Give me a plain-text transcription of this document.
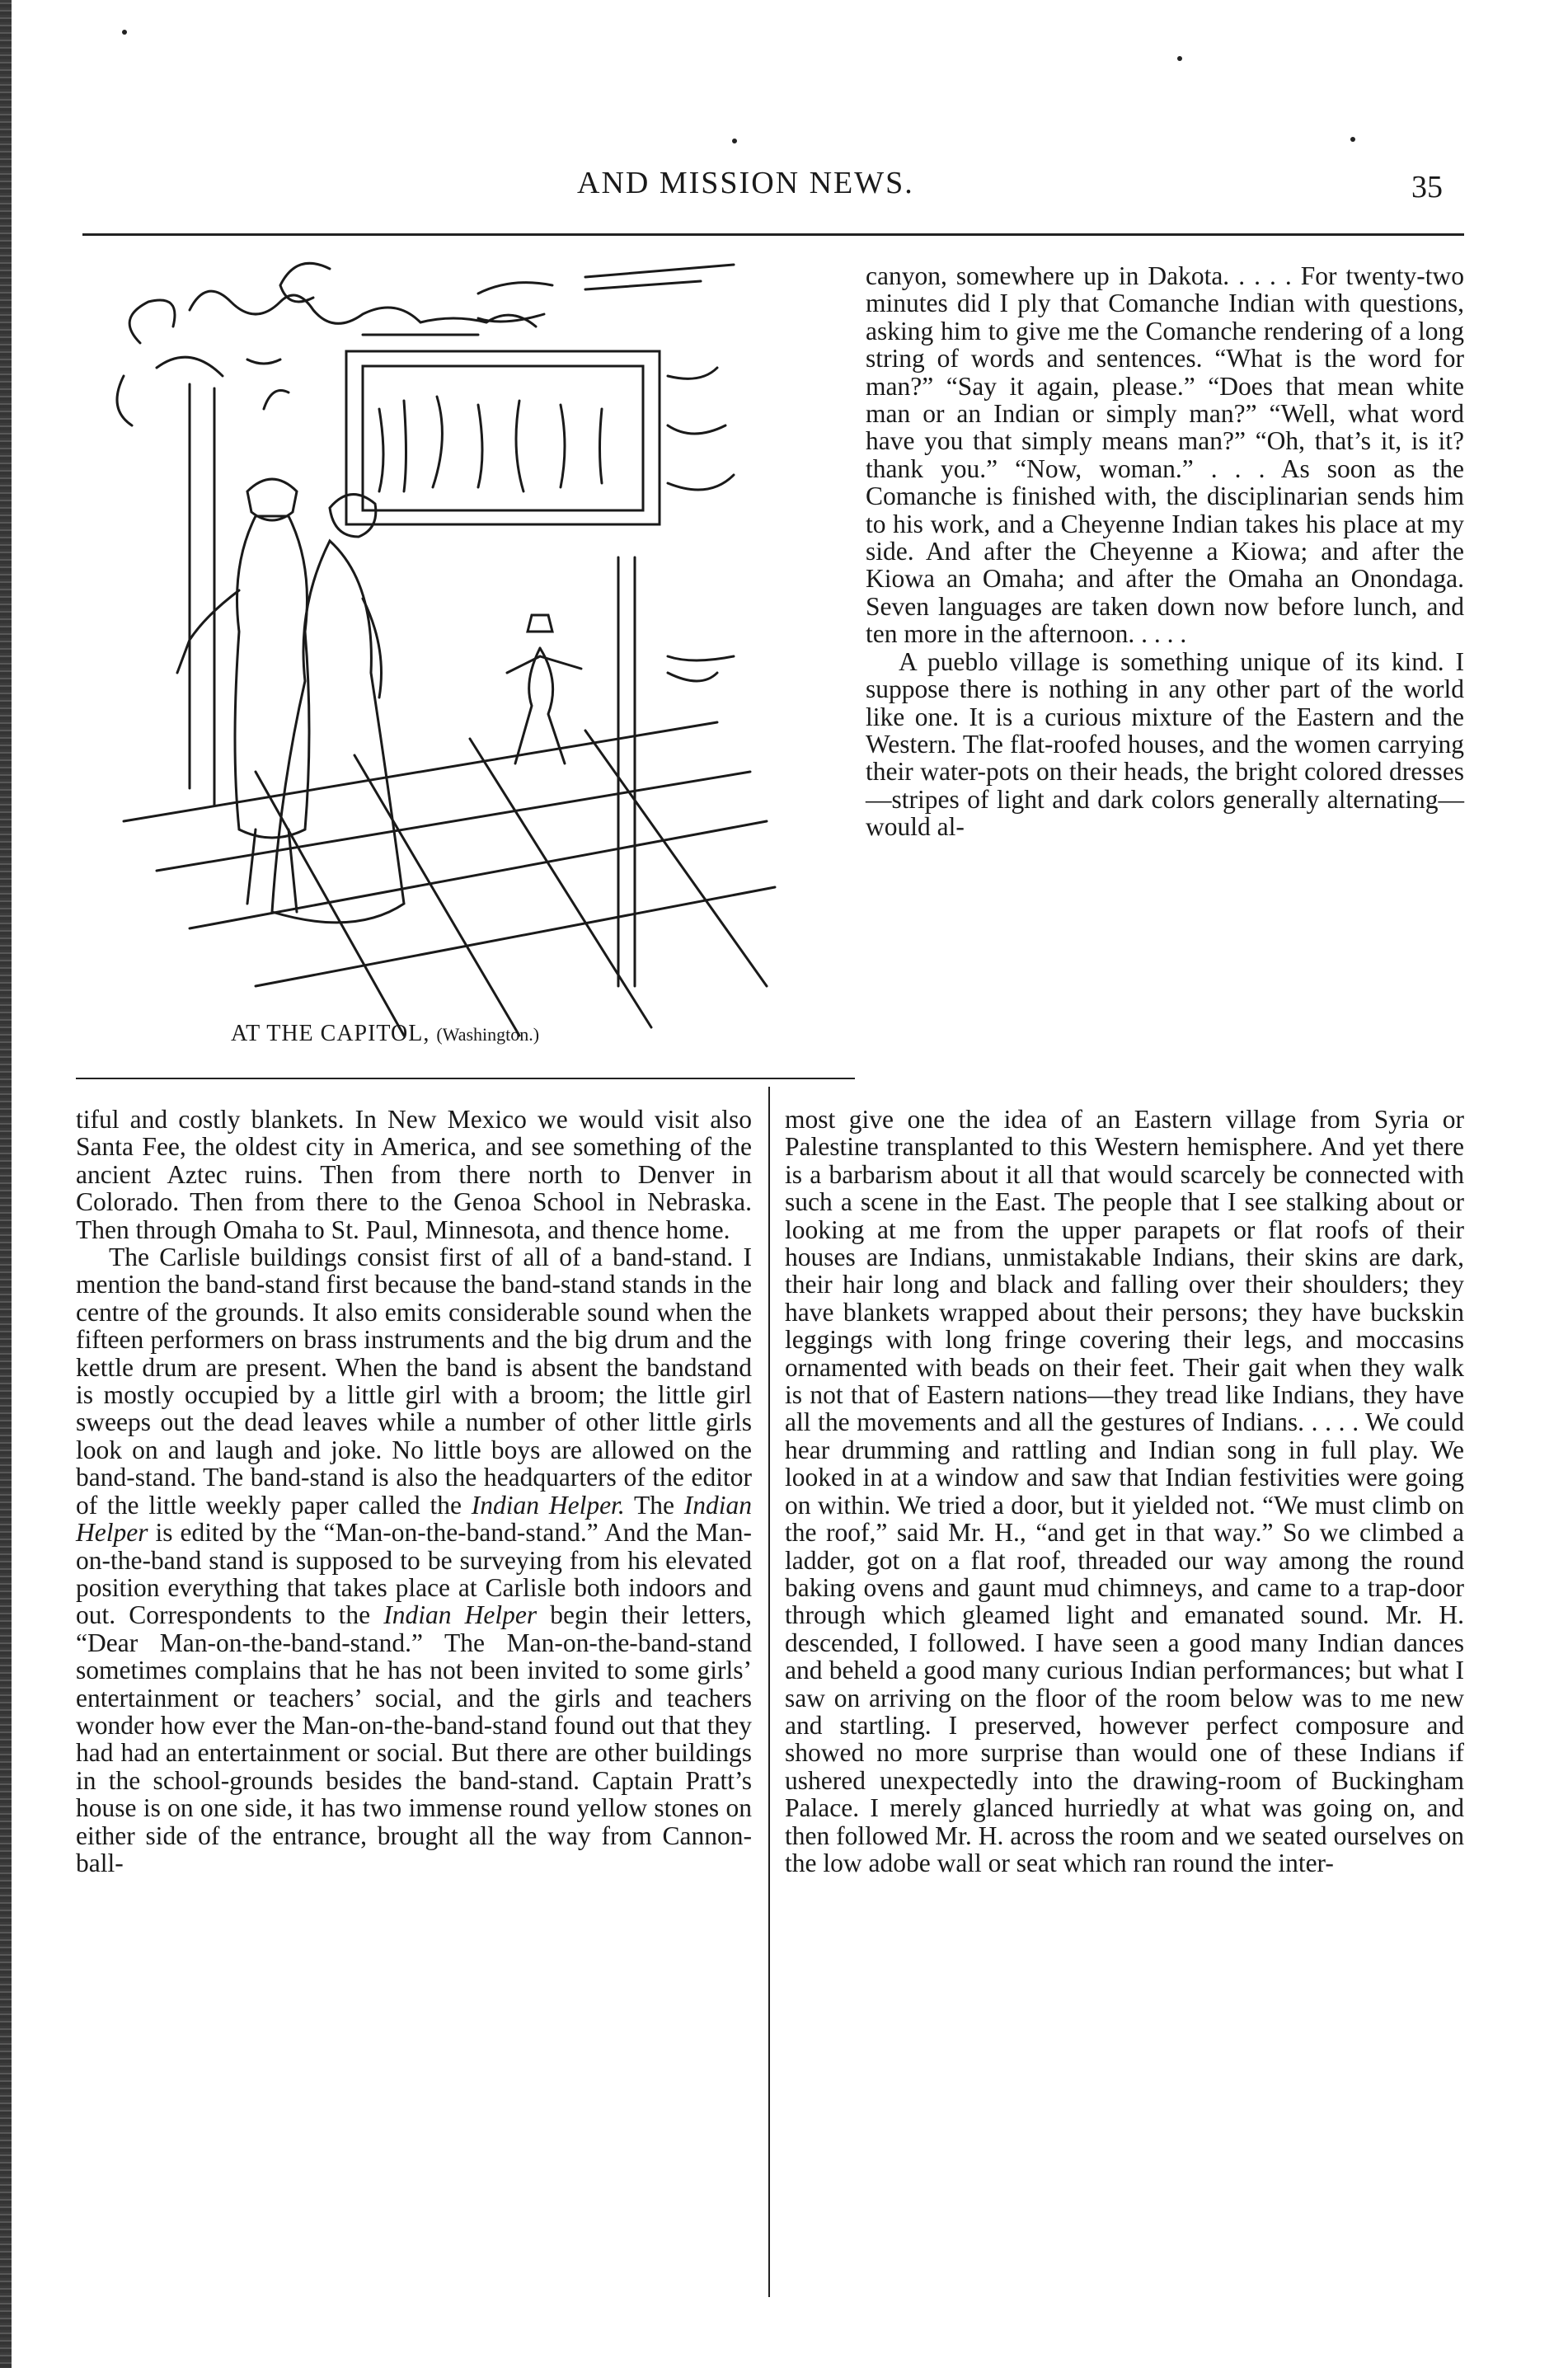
AND MISSION NEWS.	35
AT THE CAPITOL, (Washington.)

canyon, somewhere up in Dakota. . . . . For twenty-two minutes did I ply that Comanche Indian with questions, asking him to give me the Comanche rendering of a long string of words and sentences. “What is the word for man?” “Say it again, please.” “Does that mean white man or an Indian or simply man?” “Well, what word have you that simply means man?” “Oh, that’s it, is it? thank you.” “Now, woman.” . . . As soon as the Comanche is finished with, the disciplinarian sends him to his work, and a Cheyenne Indian takes his place at my side. And after the Cheyenne a Kiowa; and after the Kiowa an Omaha; and after the Omaha an Onondaga. Seven languages are taken down now before lunch, and ten more in the afternoon. . . . .

A pueblo village is something unique of its kind. I suppose there is nothing in any other part of the world like one. It is a curious mixture of the Eastern and the Western. The flat-roofed houses, and the women carrying their water-pots on their heads, the bright colored dresses—stripes of light and dark colors generally alternating—would al-

tiful and costly blankets. In New Mexico we would visit also Santa Fee, the oldest city in America, and see something of the ancient Aztec ruins. Then from there north to Denver in Colorado. Then from there to the Genoa School in Nebraska. Then through Omaha to St. Paul, Minnesota, and thence home.

The Carlisle buildings consist first of all of a band-stand. I mention the band-stand first because the band-stand stands in the centre of the grounds. It also emits considerable sound when the fifteen performers on brass instruments and the big drum and the kettle drum are present. When the band is absent the bandstand is mostly occupied by a little girl with a broom; the little girl sweeps out the dead leaves while a number of other little girls look on and laugh and joke. No little boys are allowed on the band-stand. The band-stand is also the headquarters of the editor of the little weekly paper called the Indian Helper. The Indian Helper is edited by the “Man-on-the-band-stand.” And the Man-on-the-band stand is supposed to be surveying from his elevated position everything that takes place at Carlisle both indoors and out. Correspondents to the Indian Helper begin their letters, “Dear Man-on-the-band-stand.” The Man-on-the-band-stand sometimes complains that he has not been invited to some girls’ entertainment or teachers’ social, and the girls and teachers wonder how ever the Man-on-the-band-stand found out that they had had an entertainment or social. But there are other buildings in the school-grounds besides the band-stand. Captain Pratt’s house is on one side, it has two immense round yellow stones on either side of the entrance, brought all the way from Cannon-ball-

most give one the idea of an Eastern village from Syria or Palestine transplanted to this Western hemisphere. And yet there is a barbarism about it all that would scarcely be connected with such a scene in the East. The people that I see stalking about or looking at me from the upper parapets or flat roofs of their houses are Indians, unmistakable Indians, their skins are dark, their hair long and black and falling over their shoulders; they have blankets wrapped about their persons; they have buckskin leggings with long fringe covering their legs, and moccasins ornamented with beads on their feet. Their gait when they walk is not that of Eastern nations—they tread like Indians, they have all the movements and all the gestures of Indians. . . . . We could hear drumming and rattling and Indian song in full play. We looked in at a window and saw that Indian festivities were going on within. We tried a door, but it yielded not. “We must climb on the roof,” said Mr. H., “and get in that way.” So we climbed a ladder, got on a flat roof, threaded our way among the round baking ovens and gaunt mud chimneys, and came to a trap-door through which gleamed light and emanated sound. Mr. H. descended, I followed. I have seen a good many Indian dances and beheld a good many curious Indian performances; but what I saw on arriving on the floor of the room below was to me new and startling. I preserved, however perfect composure and showed no more surprise than would one of these Indians if ushered unexpectedly into the drawing-room of Buckingham Palace. I merely glanced hurriedly at what was going on, and then followed Mr. H. across the room and we seated ourselves on the low adobe wall or seat which ran round the inter-
